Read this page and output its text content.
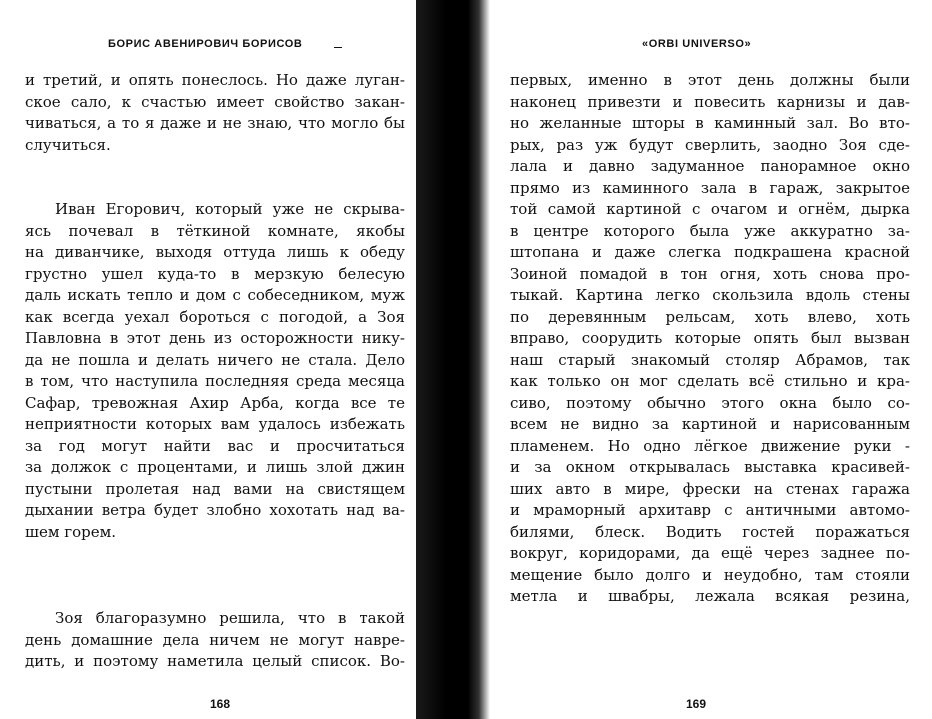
БОРИС АВЕНИРОВИЧ БОРИСОВ
и третий, и опять понеслось. Но даже луган-
ское сало, к счастью имеет свойство закан-
чиваться, а то я даже и не знаю, что могло бы
случиться.
Иван Егорович, который уже не скрыва-
ясь почевал в тёткиной комнате, якобы
на диванчике, выходя оттуда лишь к обеду
грустно ушел куда-то в мерзкую белесую
даль искать тепло и дом с собеседником, муж
как всегда уехал бороться с погодой, а Зоя
Павловна в этот день из осторожности нику-
да не пошла и делать ничего не стала. Дело
в том, что наступила последняя среда месяца
Сафар, тревожная Ахир Арба, когда все те
неприятности которых вам удалось избежать
за год могут найти вас и просчитаться
за должок с процентами, и лишь злой джин
пустыни пролетая над вами на свистящем
дыхании ветра будет злобно хохотать над ва-
шем горем.
Зоя благоразумно решила, что в такой
день домашние дела ничем не могут навре-
дить, и поэтому наметила целый список. Во-
168
«ORBI UNIVERSO»
первых, именно в этот день должны были
наконец привезти и повесить карнизы и дав-
но желанные шторы в каминный зал. Во вто-
рых, раз уж будут сверлить, заодно Зоя сде-
лала и давно задуманное панорамное окно
прямо из каминного зала в гараж, закрытое
той самой картиной с очагом и огнём, дырка
в центре которого была уже аккуратно за-
штопана и даже слегка подкрашена красной
Зоиной помадой в тон огня, хоть снова про-
тыкай. Картина легко скользила вдоль стены
по деревянным рельсам, хоть влево, хоть
вправо, соорудить которые опять был вызван
наш старый знакомый столяр Абрамов, так
как только он мог сделать всё стильно и кра-
сиво, поэтому обычно этого окна было со-
всем не видно за картиной и нарисованным
пламенем. Но одно лёгкое движение руки -
и за окном открывалась выставка красивей-
ших авто в мире, фрески на стенах гаража
и мраморный архитавр с античными автомо-
билями, блеск. Водить гостей поражаться
вокруг, коридорами, да ещё через заднее по-
мещение было долго и неудобно, там стояли
метла и швабры, лежала всякая резина,
169
